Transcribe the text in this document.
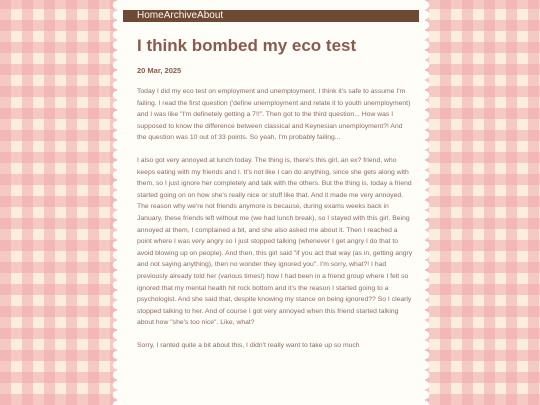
Home Archive About
I think bombed my eco test
20 Mar, 2025

Today I did my eco test on employment and unemployment. I think it's safe to assume I'm failing. I read the first question ('define unemployment and relate it to youth unemployment) and I was like "I'm definetely getting a 7!!". Then got to the third question... How was I supposed to know the difference between classical and Keynesian unemployment?! And the question was 10 out of 33 points. So yeah, I'm probably failing...

I also got very annoyed at lunch today. The thing is, there's this girl, an ex? friend, who keeps eating with my friends and I. It's not like I can do anything, since she gets along with them, so I just ignore her completely and talk with the others. But the thing is, today a friend started going on on how she's really nice or stuff like that. And it made me very annoyed. The reason why we're not friends anymore is because, during exams weeks back in January, these friends left without me (we had lunch break), so I stayed with this girl. Being annoyed at them, I complained a bit, and she also asked me about it. Then I reached a point where I was very angry so I just stopped talking (whenever I get angry I do that to avoid blowing up on people). And then, this girl said "if you act that way (as in, getting angry and not saying anything), then no wonder they ignored you". I'm sorry, what?! I had previously already told her (various times!) how I had been in a friend group where I felt so ignored that my mental health hit rock bottom and it's the reason I started going to a psychologist. And she said that, despite knowing my stance on being ignored?? So I clearly stopped talking to her. And of course I got very annoyed when this friend started talking about how "she's too nice". Like, what?

Sorry, I ranted quite a bit about this, I didn't really want to take up so much
